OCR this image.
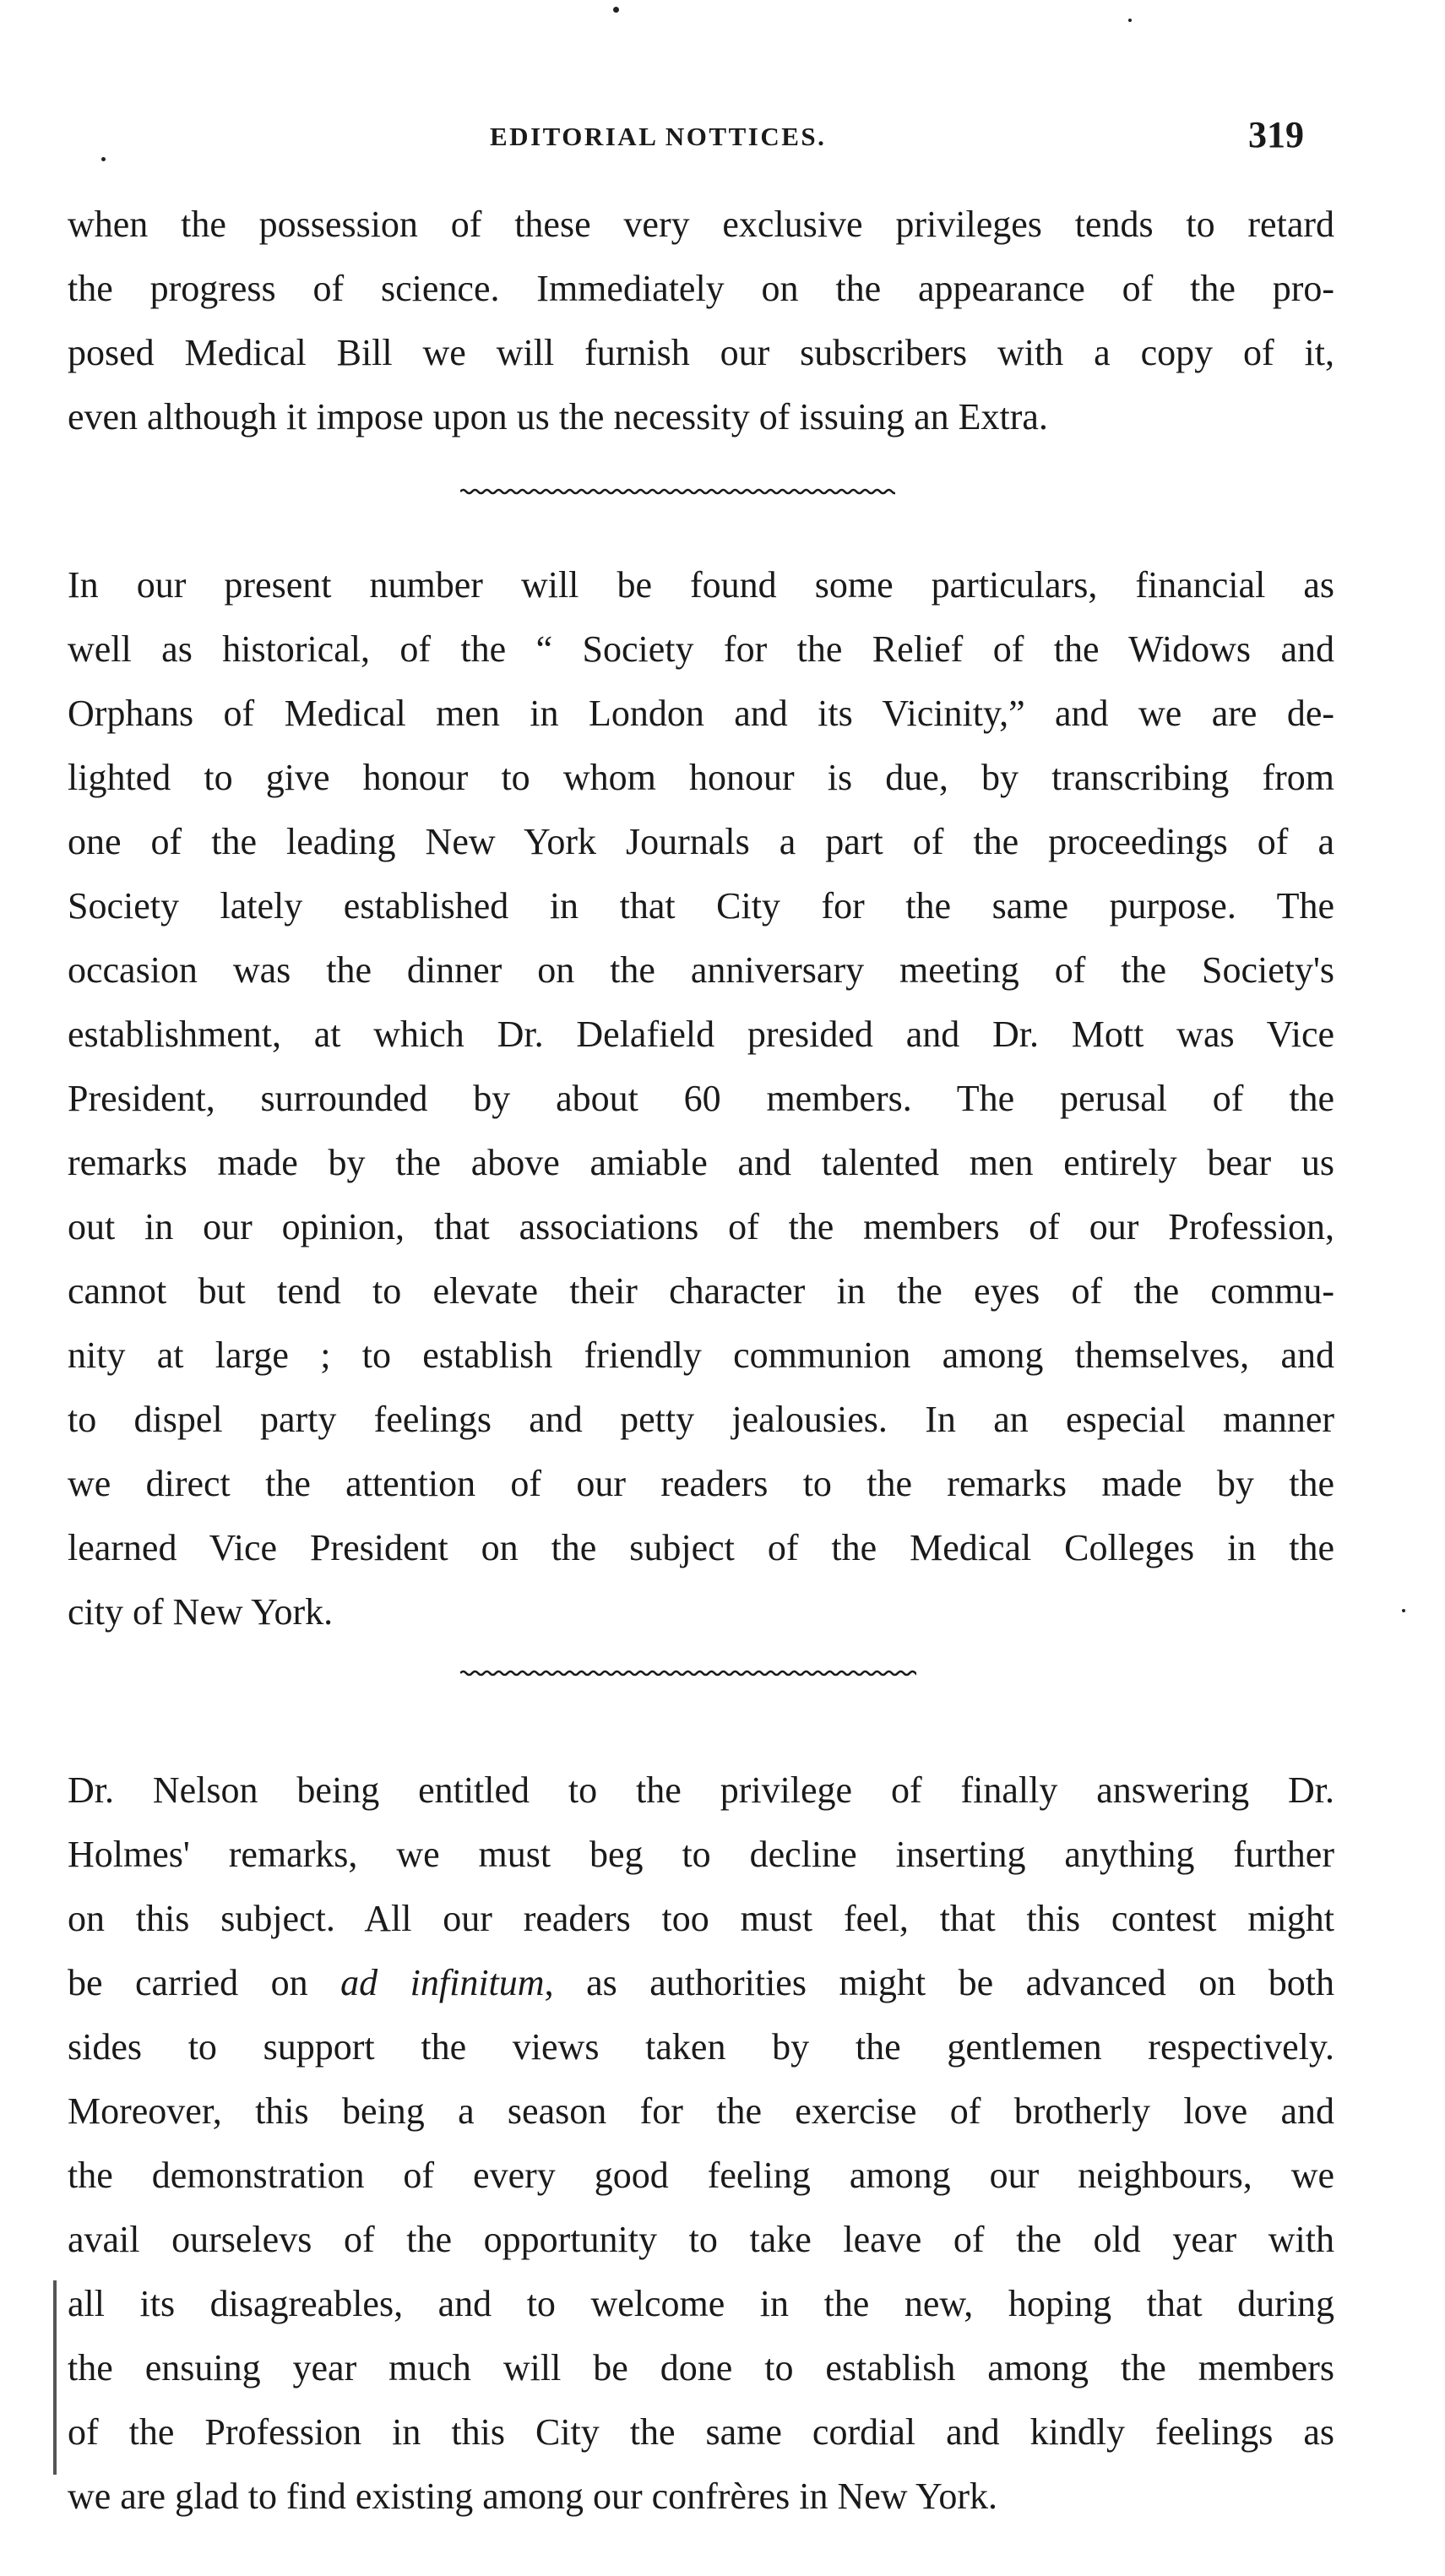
EDITORIAL NOTTICES.	319
when the possession of these very exclusive privileges tends to retard
the progress of science. Immediately on the appearance of the pro-
posed Medical Bill we will furnish our subscribers with a copy of it,
even although it impose upon us the necessity of issuing an Extra.
In our present number will be found some particulars, financial as
well as historical, of the “ Society for the Relief of the Widows and
Orphans of Medical men in London and its Vicinity,” and we are de-
lighted to give honour to whom honour is due, by transcribing from
one of the leading New York Journals a part of the proceedings of a
Society lately established in that City for the same purpose. The
occasion was the dinner on the anniversary meeting of the Society's
establishment, at which Dr. Delafield presided and Dr. Mott was Vice
President, surrounded by about 60 members. The perusal of the
remarks made by the above amiable and talented men entirely bear us
out in our opinion, that associations of the members of our Profession,
cannot but tend to elevate their character in the eyes of the commu-
nity at large ; to establish friendly communion among themselves, and
to dispel party feelings and petty jealousies. In an especial manner
we direct the attention of our readers to the remarks made by the
learned Vice President on the subject of the Medical Colleges in the
city of New York.
Dr. Nelson being entitled to the privilege of finally answering Dr.
Holmes' remarks, we must beg to decline inserting anything further
on this subject. All our readers too must feel, that this contest might
be carried on ad infinitum, as authorities might be advanced on both
sides to support the views taken by the gentlemen respectively.
Moreover, this being a season for the exercise of brotherly love and
the demonstration of every good feeling among our neighbours, we
avail ourselevs of the opportunity to take leave of the old year with
all its disagreables, and to welcome in the new, hoping that during
the ensuing year much will be done to establish among the members
of the Profession in this City the same cordial and kindly feelings as
we are glad to find existing among our confrères in New York.
